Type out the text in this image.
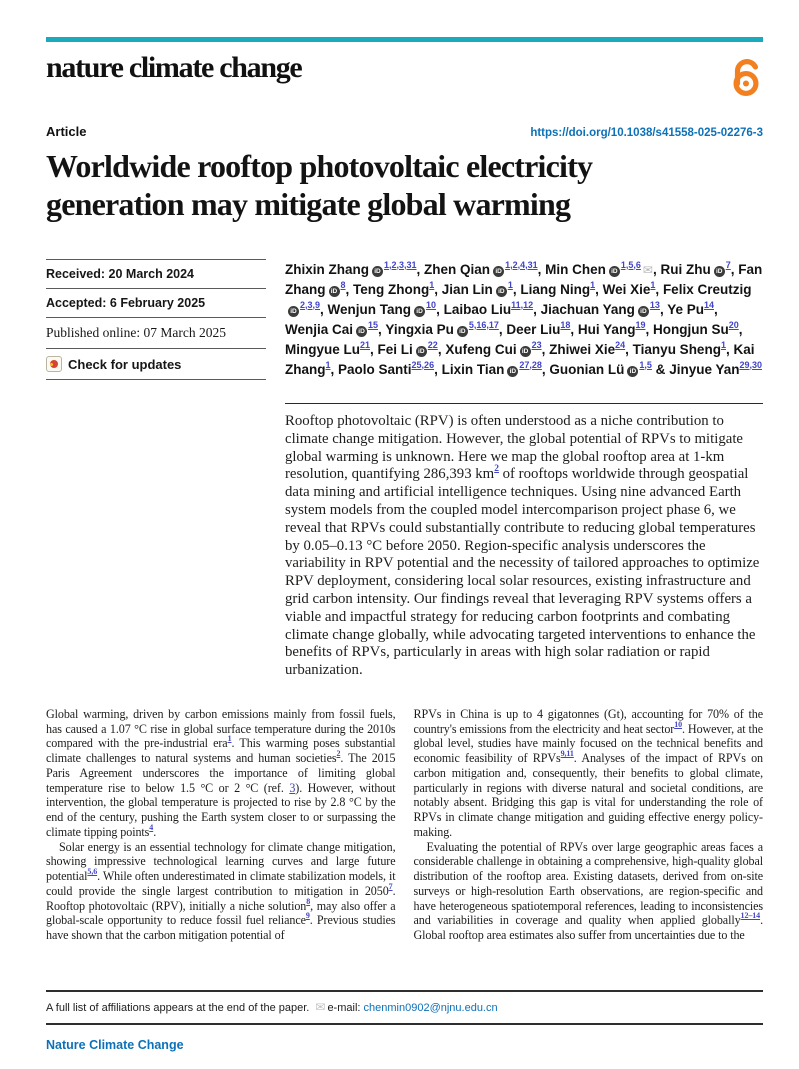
nature climate change
Article	https://doi.org/10.1038/s41558-025-02276-3
Worldwide rooftop photovoltaic electricity
generation may mitigate global warming
Received: 20 March 2024
Accepted: 6 February 2025
Published online: 07 March 2025
Check for updates
Zhixin Zhang iD$^{1,2,3,31}$, Zhen Qian iD$^{1,2,4,31}$, Min Chen iD$^{1,5,6}$ ✉, Rui Zhu iD$^7$, Fan Zhang iD$^8$, Teng Zhong$^1$, Jian Lin iD$^1$, Liang Ning$^1$, Wei Xie$^1$, Felix CreutzigiD$^{2,3,9}$, Wenjun Tang iD$^{10}$, Laibao Liu$^{11,12}$, Jiachuan Yang iD$^{13}$, Ye Pu$^{14}$, Wenjia Cai iD$^{15}$, Yingxia Pu iD$^{5,16,17}$, Deer Liu$^{18}$, Hui Yang$^{19}$, Hongjun Su$^{20}$, Mingyue Lu$^{21}$, Fei Li iD$^{22}$, Xufeng Cui iD$^{23}$, Zhiwei Xie$^{24}$, Tianyu Sheng$^1$, Kai Zhang$^1$, Paolo Santi$^{25,26}$, Lixin Tian iD$^{27,28}$, Guonian Lü iD$^{1,5}$ & Jinyue Yan$^{29,30}$

Rooftop photovoltaic (RPV) is often understood as a niche contribution to climate change mitigation. However, the global potential of RPVs to mitigate global warming is unknown. Here we map the global rooftop area at 1-km resolution, quantifying 286,393 km$^2$ of rooftops worldwide through geospatial data mining and artificial intelligence techniques. Using nine advanced Earth system models from the coupled model intercomparison project phase 6, we reveal that RPVs could substantially contribute to reducing global temperatures by 0.05–0.13 °C before 2050. Region-specific analysis underscores the variability in RPV potential and the necessity of tailored approaches to optimize RPV deployment, considering local solar resources, existing infrastructure and grid carbon intensity. Our findings reveal that leveraging RPV systems offers a viable and impactful strategy for reducing carbon footprints and combating climate change globally, while advocating targeted interventions to enhance the benefits of RPVs, particularly in areas with high solar radiation or rapid urbanization.

Global warming, driven by carbon emissions mainly from fossil fuels, has caused a 1.07 °C rise in global surface temperature during the 2010s compared with the pre-industrial era$^1$. This warming poses substantial climate challenges to natural systems and human societies$^2$. The 2015 Paris Agreement underscores the importance of limiting global temperature rise to below 1.5 °C or 2 °C (ref. 3). However, without intervention, the global temperature is projected to rise by 2.8 °C by the end of the century, pushing the Earth system closer to or surpassing the climate tipping points$^4$.

Solar energy is an essential technology for climate change mitigation, showing impressive technological learning curves and large future potential$^{5,6}$. While often underestimated in climate stabilization models, it could provide the single largest contribution to mitigation in 2050$^7$. Rooftop photovoltaic (RPV), initially a niche solution$^8$, may also offer a global-scale opportunity to reduce fossil fuel reliance$^9$. Previous studies have shown that the carbon mitigation potential of

RPVs in China is up to 4 gigatonnes (Gt), accounting for 70% of the country's emissions from the electricity and heat sector$^{10}$. However, at the global level, studies have mainly focused on the technical benefits and economic feasibility of RPVs$^{9,11}$. Analyses of the impact of RPVs on carbon mitigation and, consequently, their benefits to global climate, particularly in regions with diverse natural and societal conditions, are notably absent. Bridging this gap is vital for understanding the role of RPVs in climate change mitigation and guiding effective energy policy-making.

Evaluating the potential of RPVs over large geographic areas faces a considerable challenge in obtaining a comprehensive, high-quality global distribution of the rooftop area. Existing datasets, derived from on-site surveys or high-resolution Earth observations, are region-specific and have heterogeneous spatiotemporal references, leading to inconsistencies and variabilities in coverage and quality when applied globally$^{12-14}$. Global rooftop area estimates also suffer from uncertainties due to the

A full list of affiliations appears at the end of the paper. ✉ e-mail: chenmin0902@njnu.edu.cn
Nature Climate Change
